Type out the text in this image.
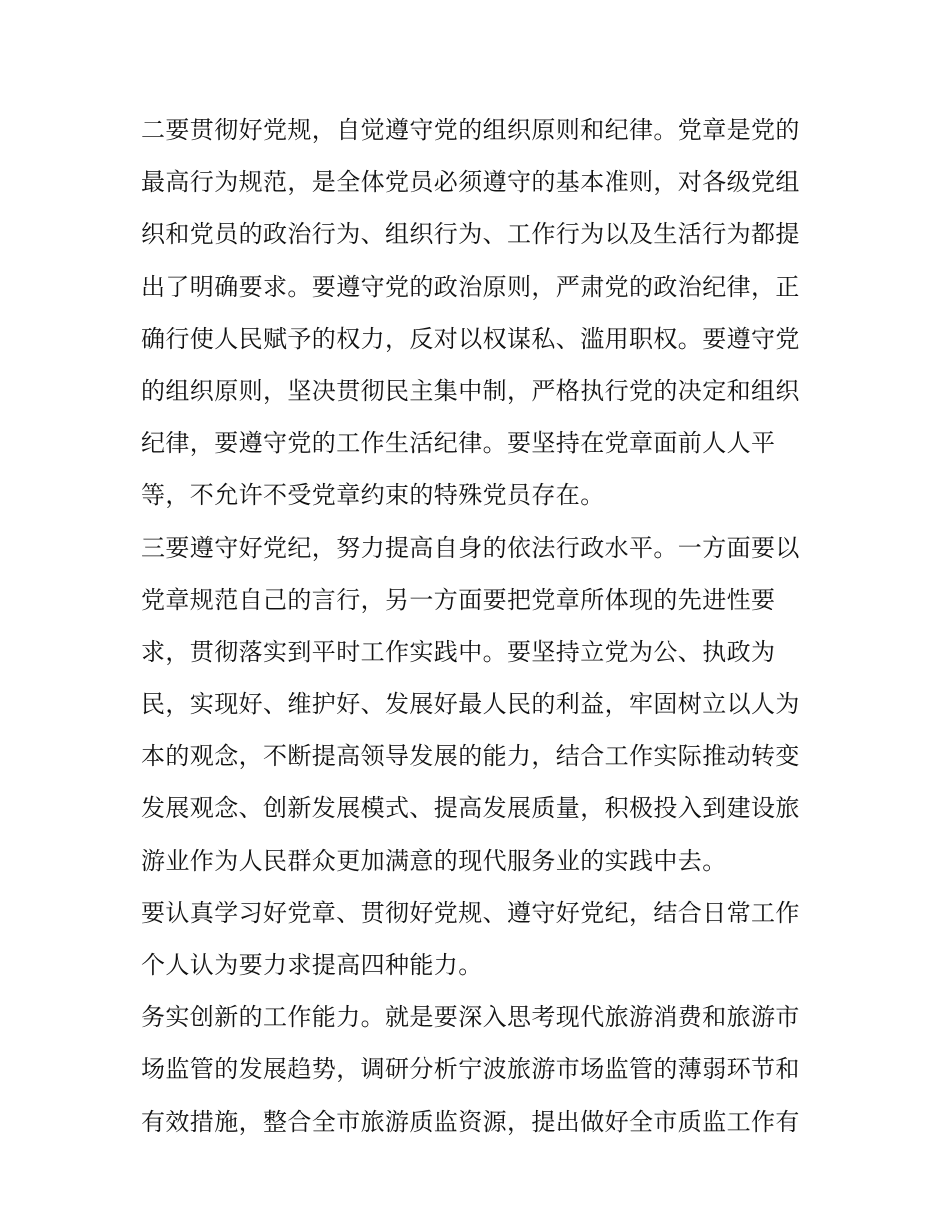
二要贯彻好党规，自觉遵守党的组织原则和纪律。党章是党的
最高行为规范，是全体党员必须遵守的基本准则，对各级党组
织和党员的政治行为、组织行为、工作行为以及生活行为都提
出了明确要求。要遵守党的政治原则，严肃党的政治纪律，正
确行使人民赋予的权力，反对以权谋私、滥用职权。要遵守党
的组织原则，坚决贯彻民主集中制，严格执行党的决定和组织
纪律，要遵守党的工作生活纪律。要坚持在党章面前人人平
等，不允许不受党章约束的特殊党员存在。

三要遵守好党纪，努力提高自身的依法行政水平。一方面要以
党章规范自己的言行，另一方面要把党章所体现的先进性要
求，贯彻落实到平时工作实践中。要坚持立党为公、执政为
民，实现好、维护好、发展好最人民的利益，牢固树立以人为
本的观念，不断提高领导发展的能力，结合工作实际推动转变
发展观念、创新发展模式、提高发展质量，积极投入到建设旅
游业作为人民群众更加满意的现代服务业的实践中去。

要认真学习好党章、贯彻好党规、遵守好党纪，结合日常工作
个人认为要力求提高四种能力。

务实创新的工作能力。就是要深入思考现代旅游消费和旅游市
场监管的发展趋势，调研分析宁波旅游市场监管的薄弱环节和
有效措施，整合全市旅游质监资源，提出做好全市质监工作有
